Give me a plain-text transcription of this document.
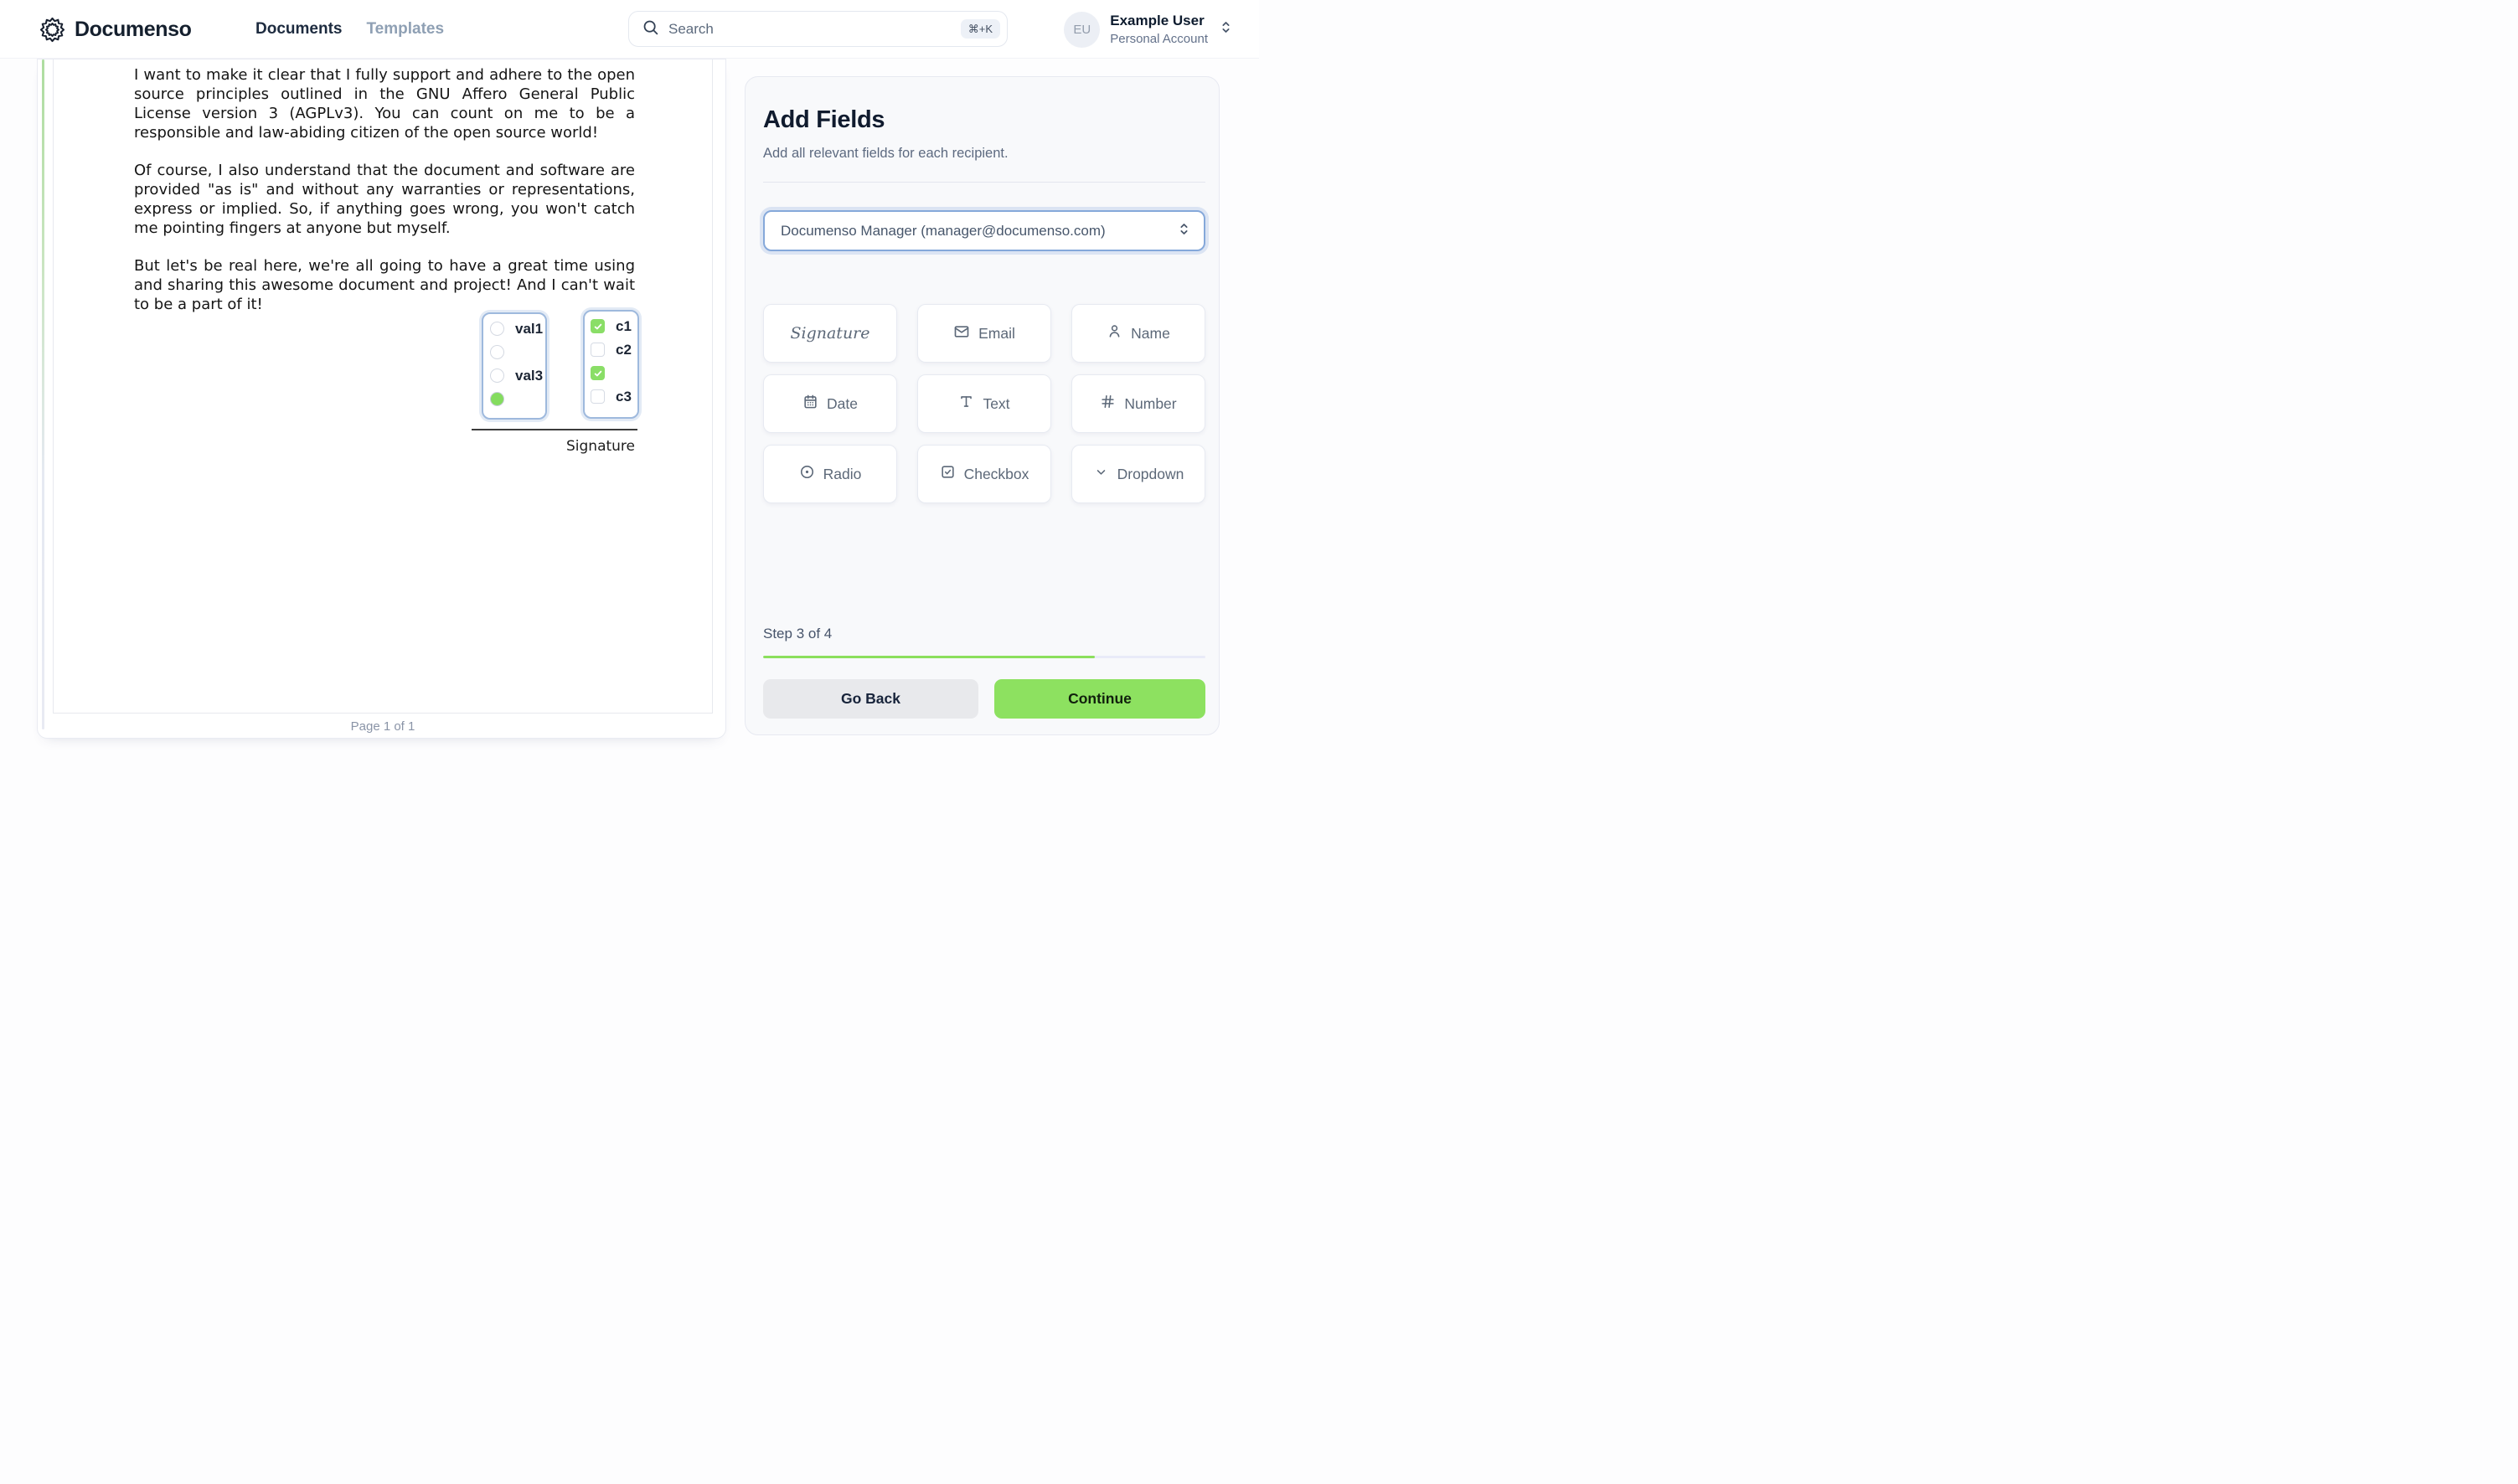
Documenso	Documents Templates	Search	⌘+K	EU
Example User
Personal Account

I want to make it clear that I fully support and adhere to the open source principles outlined in the GNU Affero General Public License version 3 (AGPLv3). You can count on me to be a responsible and law-abiding citizen of the open source world!

Of course, I also understand that the document and software are provided "as is" and without any warranties or representations, express or implied. So, if anything goes wrong, you won't catch me pointing fingers at anyone but myself.

But let's be real here, we're all going to have a great time using and sharing this awesome document and project! And I can't wait to be a part of it!

val1
val3
c1
c2
c3
Signature
Page 1 of 1
Add Fields
Add all relevant fields for each recipient.
Documenso Manager (manager@documenso.com)
Signature	Email	Name
Date	Text	Number
Radio	Checkbox	Dropdown
Step 3 of 4
Go Back	Continue
